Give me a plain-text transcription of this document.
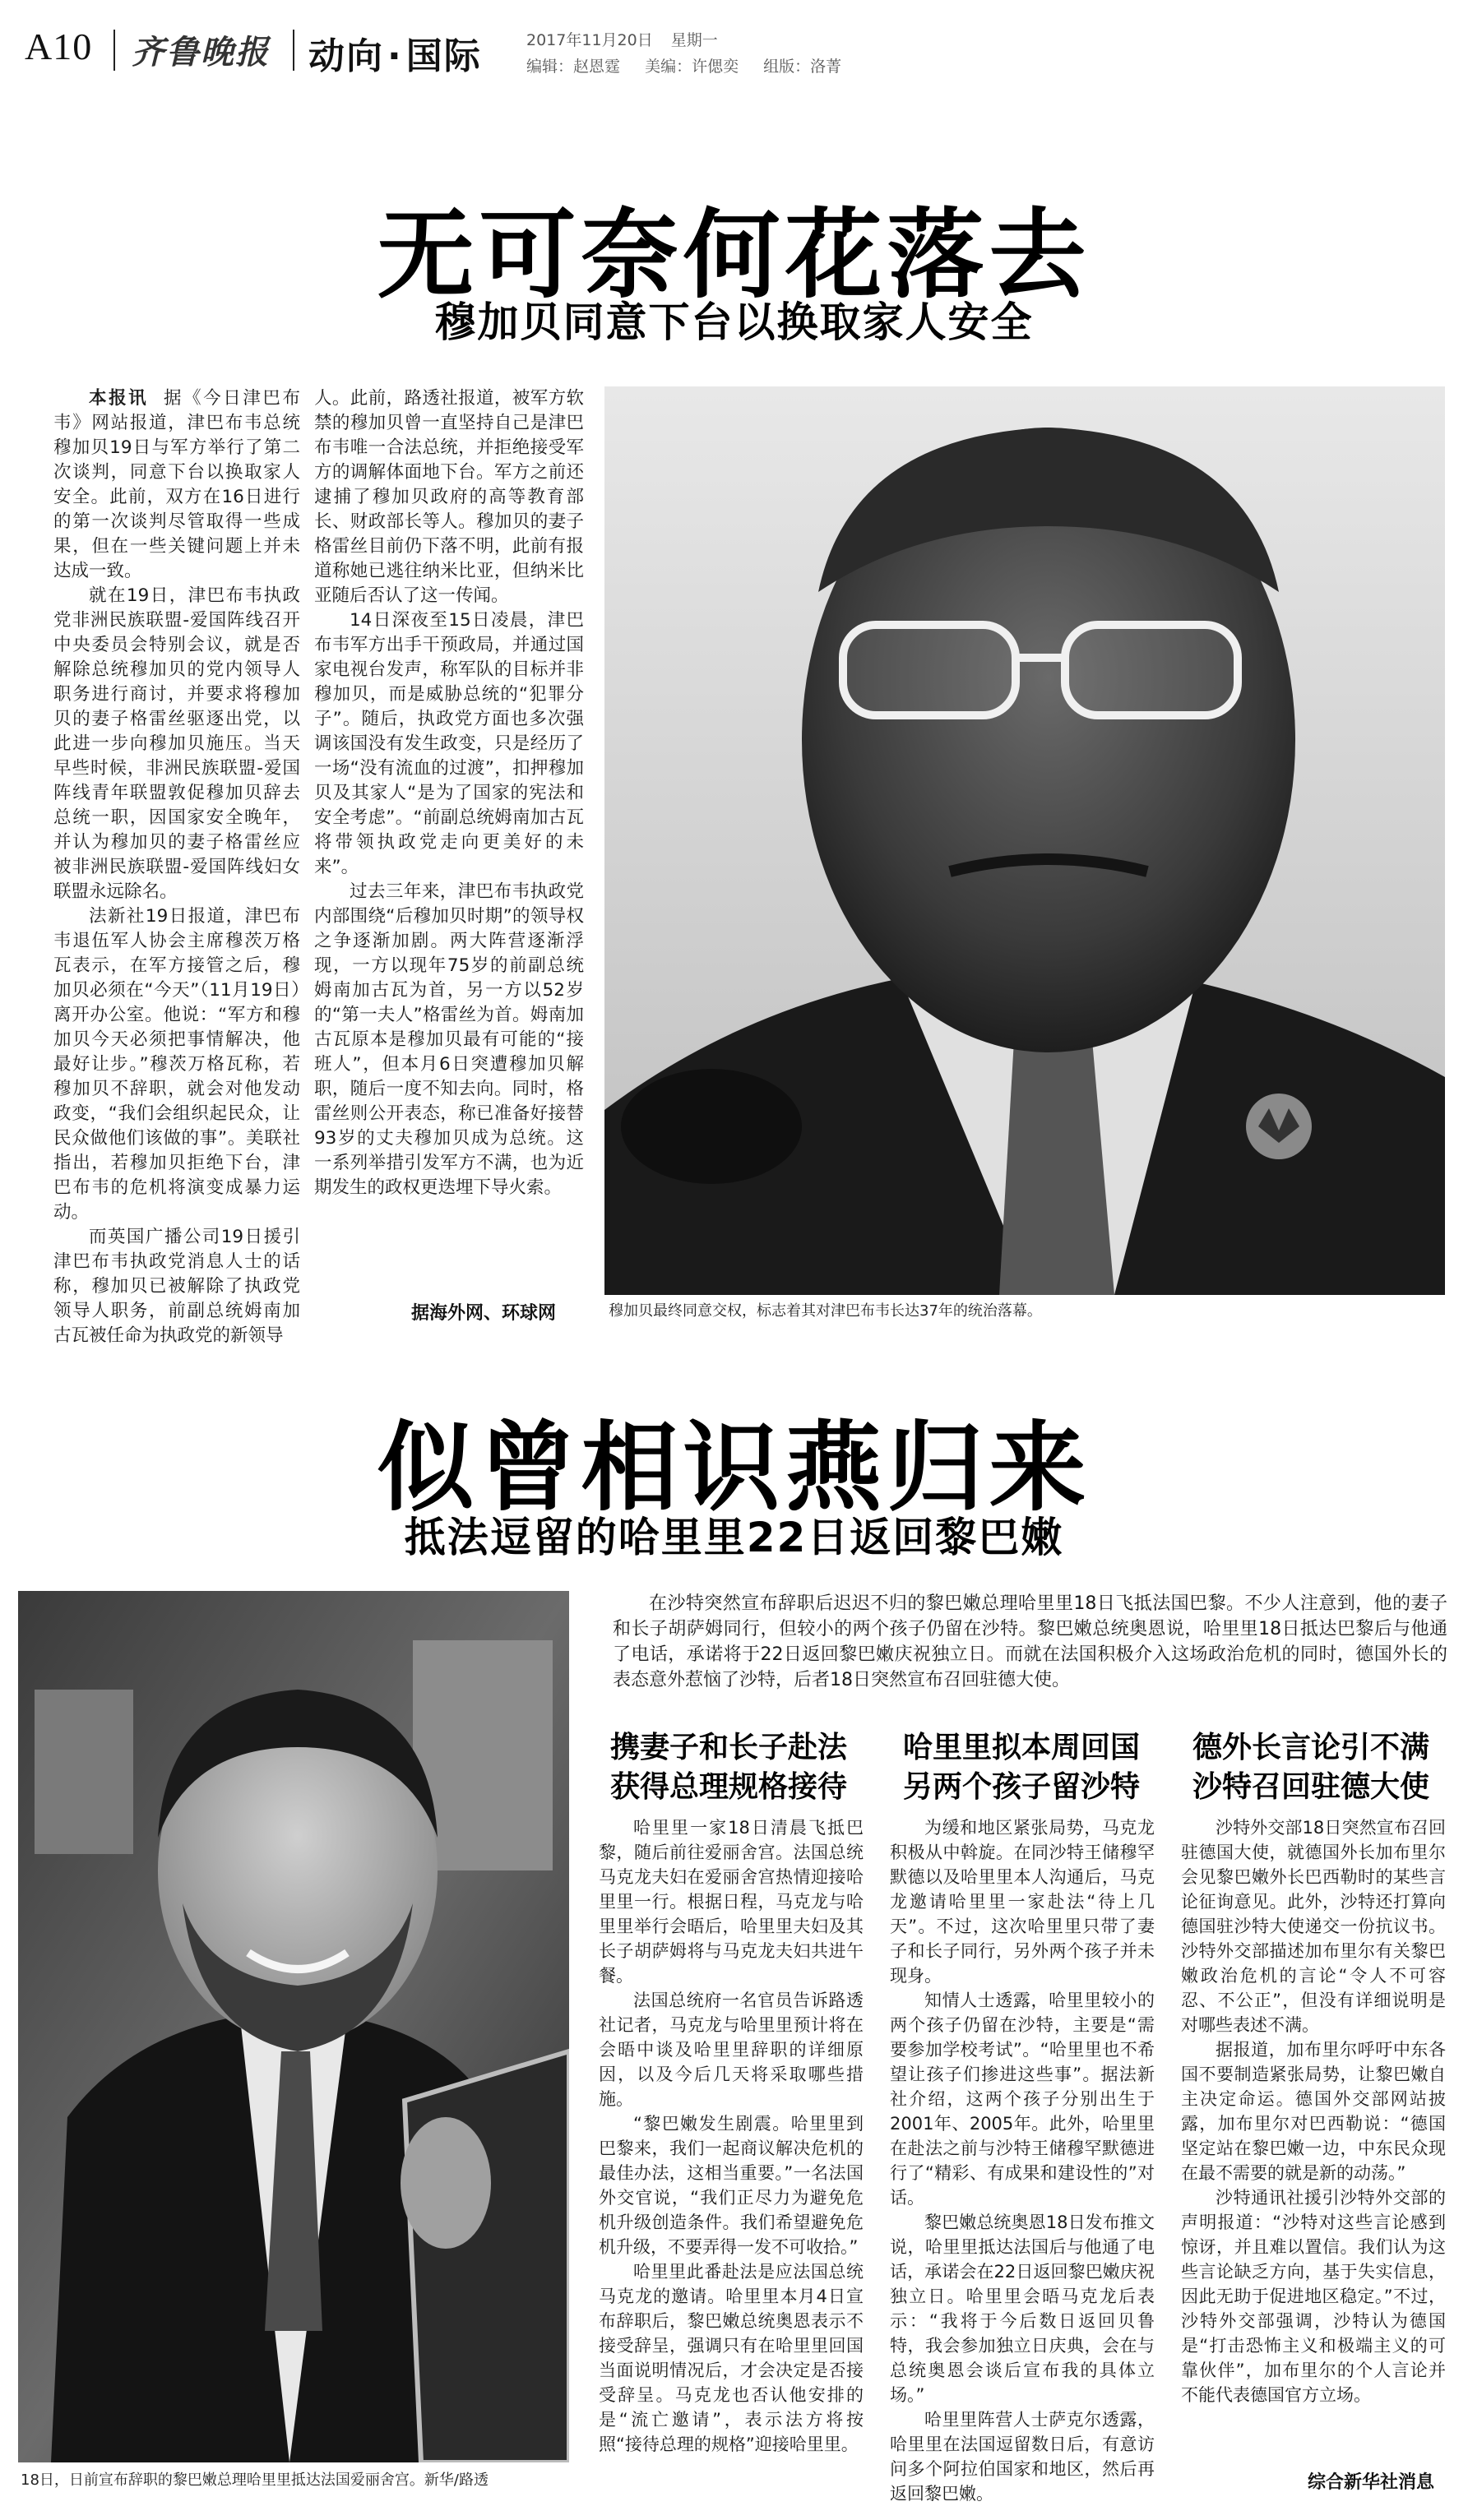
A10 齐鲁晚报 动向·国际	2017年11月20日 星期一
编辑：赵恩霆 美编：许偲奕 组版：洛菁
无可奈何花落去
穆加贝同意下台以换取家人安全

本报讯 据《今日津巴布韦》网站报道，津巴布韦总统穆加贝19日与军方举行了第二次谈判，同意下台以换取家人安全。此前，双方在16日进行的第一次谈判尽管取得一些成果，但在一些关键问题上并未达成一致。

就在19日，津巴布韦执政党非洲民族联盟-爱国阵线召开中央委员会特别会议，就是否解除总统穆加贝的党内领导人职务进行商讨，并要求将穆加贝的妻子格雷丝驱逐出党，以此进一步向穆加贝施压。当天早些时候，非洲民族联盟-爱国阵线青年联盟敦促穆加贝辞去总统一职，因国家安全晚年，并认为穆加贝的妻子格雷丝应被非洲民族联盟-爱国阵线妇女联盟永远除名。

法新社19日报道，津巴布韦退伍军人协会主席穆茨万格瓦表示，在军方接管之后，穆加贝必须在“今天”（11月19日）离开办公室。他说：“军方和穆加贝今天必须把事情解决，他最好让步。”穆茨万格瓦称，若穆加贝不辞职，就会对他发动政变，“我们会组织起民众，让民众做他们该做的事”。美联社指出，若穆加贝拒绝下台，津巴布韦的危机将演变成暴力运动。

而英国广播公司19日援引津巴布韦执政党消息人士的话称，穆加贝已被解除了执政党领导人职务，前副总统姆南加古瓦被任命为执政党的新领导

人。此前，路透社报道，被军方软禁的穆加贝曾一直坚持自己是津巴布韦唯一合法总统，并拒绝接受军方的调解体面地下台。军方之前还逮捕了穆加贝政府的高等教育部长、财政部长等人。穆加贝的妻子格雷丝目前仍下落不明，此前有报道称她已逃往纳米比亚，但纳米比亚随后否认了这一传闻。

14日深夜至15日凌晨，津巴布韦军方出手干预政局，并通过国家电视台发声，称军队的目标并非穆加贝，而是威胁总统的“犯罪分子”。随后，执政党方面也多次强调该国没有发生政变，只是经历了一场“没有流血的过渡”，扣押穆加贝及其家人“是为了国家的宪法和安全考虑”。“前副总统姆南加古瓦将带领执政党走向更美好的未来”。

过去三年来，津巴布韦执政党内部围绕“后穆加贝时期”的领导权之争逐渐加剧。两大阵营逐渐浮现，一方以现年75岁的前副总统姆南加古瓦为首，另一方以52岁的“第一夫人”格雷丝为首。姆南加古瓦原本是穆加贝最有可能的“接班人”，但本月6日突遭穆加贝解职，随后一度不知去向。同时，格雷丝则公开表态，称已准备好接替93岁的丈夫穆加贝成为总统。这一系列举措引发军方不满，也为近期发生的政权更迭埋下导火索。

据海外网、环球网	穆加贝最终同意交权，标志着其对津巴布韦长达37年的统治落幕。
似曾相识燕归来
抵法逗留的哈里里22日返回黎巴嫩
18日，日前宣布辞职的黎巴嫩总理哈里里抵达法国爱丽舍宫。新华/路透

在沙特突然宣布辞职后迟迟不归的黎巴嫩总理哈里里18日飞抵法国巴黎。不少人注意到，他的妻子和长子胡萨姆同行，但较小的两个孩子仍留在沙特。黎巴嫩总统奥恩说，哈里里18日抵达巴黎后与他通了电话，承诺将于22日返回黎巴嫩庆祝独立日。而就在法国积极介入这场政治危机的同时，德国外长的表态意外惹恼了沙特，后者18日突然宣布召回驻德大使。

携妻子和长子赴法
获得总理规格接待
哈里里拟本周回国
另两个孩子留沙特
德外长言论引不满
沙特召回驻德大使

哈里里一家18日清晨飞抵巴黎，随后前往爱丽舍宫。法国总统马克龙夫妇在爱丽舍宫热情迎接哈里里一行。根据日程，马克龙与哈里里举行会晤后，哈里里夫妇及其长子胡萨姆将与马克龙夫妇共进午餐。

法国总统府一名官员告诉路透社记者，马克龙与哈里里预计将在会晤中谈及哈里里辞职的详细原因，以及今后几天将采取哪些措施。

“黎巴嫩发生剧震。哈里里到巴黎来，我们一起商议解决危机的最佳办法，这相当重要。”一名法国外交官说，“我们正尽力为避免危机升级创造条件。我们希望避免危机升级，不要弄得一发不可收拾。”

哈里里此番赴法是应法国总统马克龙的邀请。哈里里本月4日宣布辞职后，黎巴嫩总统奥恩表示不接受辞呈，强调只有在哈里里回国当面说明情况后，才会决定是否接受辞呈。马克龙也否认他安排的是“流亡邀请”，表示法方将按照“接待总理的规格”迎接哈里里。

为缓和地区紧张局势，马克龙积极从中斡旋。在同沙特王储穆罕默德以及哈里里本人沟通后，马克龙邀请哈里里一家赴法“待上几天”。不过，这次哈里里只带了妻子和长子同行，另外两个孩子并未现身。

知情人士透露，哈里里较小的两个孩子仍留在沙特，主要是“需要参加学校考试”。“哈里里也不希望让孩子们掺进这些事”。据法新社介绍，这两个孩子分别出生于2001年、2005年。此外，哈里里在赴法之前与沙特王储穆罕默德进行了“精彩、有成果和建设性的”对话。

黎巴嫩总统奥恩18日发布推文说，哈里里抵达法国后与他通了电话，承诺会在22日返回黎巴嫩庆祝独立日。哈里里会晤马克龙后表示：“我将于今后数日返回贝鲁特，我会参加独立日庆典，会在与总统奥恩会谈后宣布我的具体立场。”

哈里里阵营人士萨克尔透露，哈里里在法国逗留数日后，有意访问多个阿拉伯国家和地区，然后再返回黎巴嫩。

沙特外交部18日突然宣布召回驻德国大使，就德国外长加布里尔会见黎巴嫩外长巴西勒时的某些言论征询意见。此外，沙特还打算向德国驻沙特大使递交一份抗议书。沙特外交部描述加布里尔有关黎巴嫩政治危机的言论“令人不可容忍、不公正”，但没有详细说明是对哪些表述不满。

据报道，加布里尔呼吁中东各国不要制造紧张局势，让黎巴嫩自主决定命运。德国外交部网站披露，加布里尔对巴西勒说：“德国坚定站在黎巴嫩一边，中东民众现在最不需要的就是新的动荡。”

沙特通讯社援引沙特外交部的声明报道：“沙特对这些言论感到惊讶，并且难以置信。我们认为这些言论缺乏方向，基于失实信息，因此无助于促进地区稳定。”不过，沙特外交部强调，沙特认为德国是“打击恐怖主义和极端主义的可靠伙伴”，加布里尔的个人言论并不能代表德国官方立场。

综合新华社消息
